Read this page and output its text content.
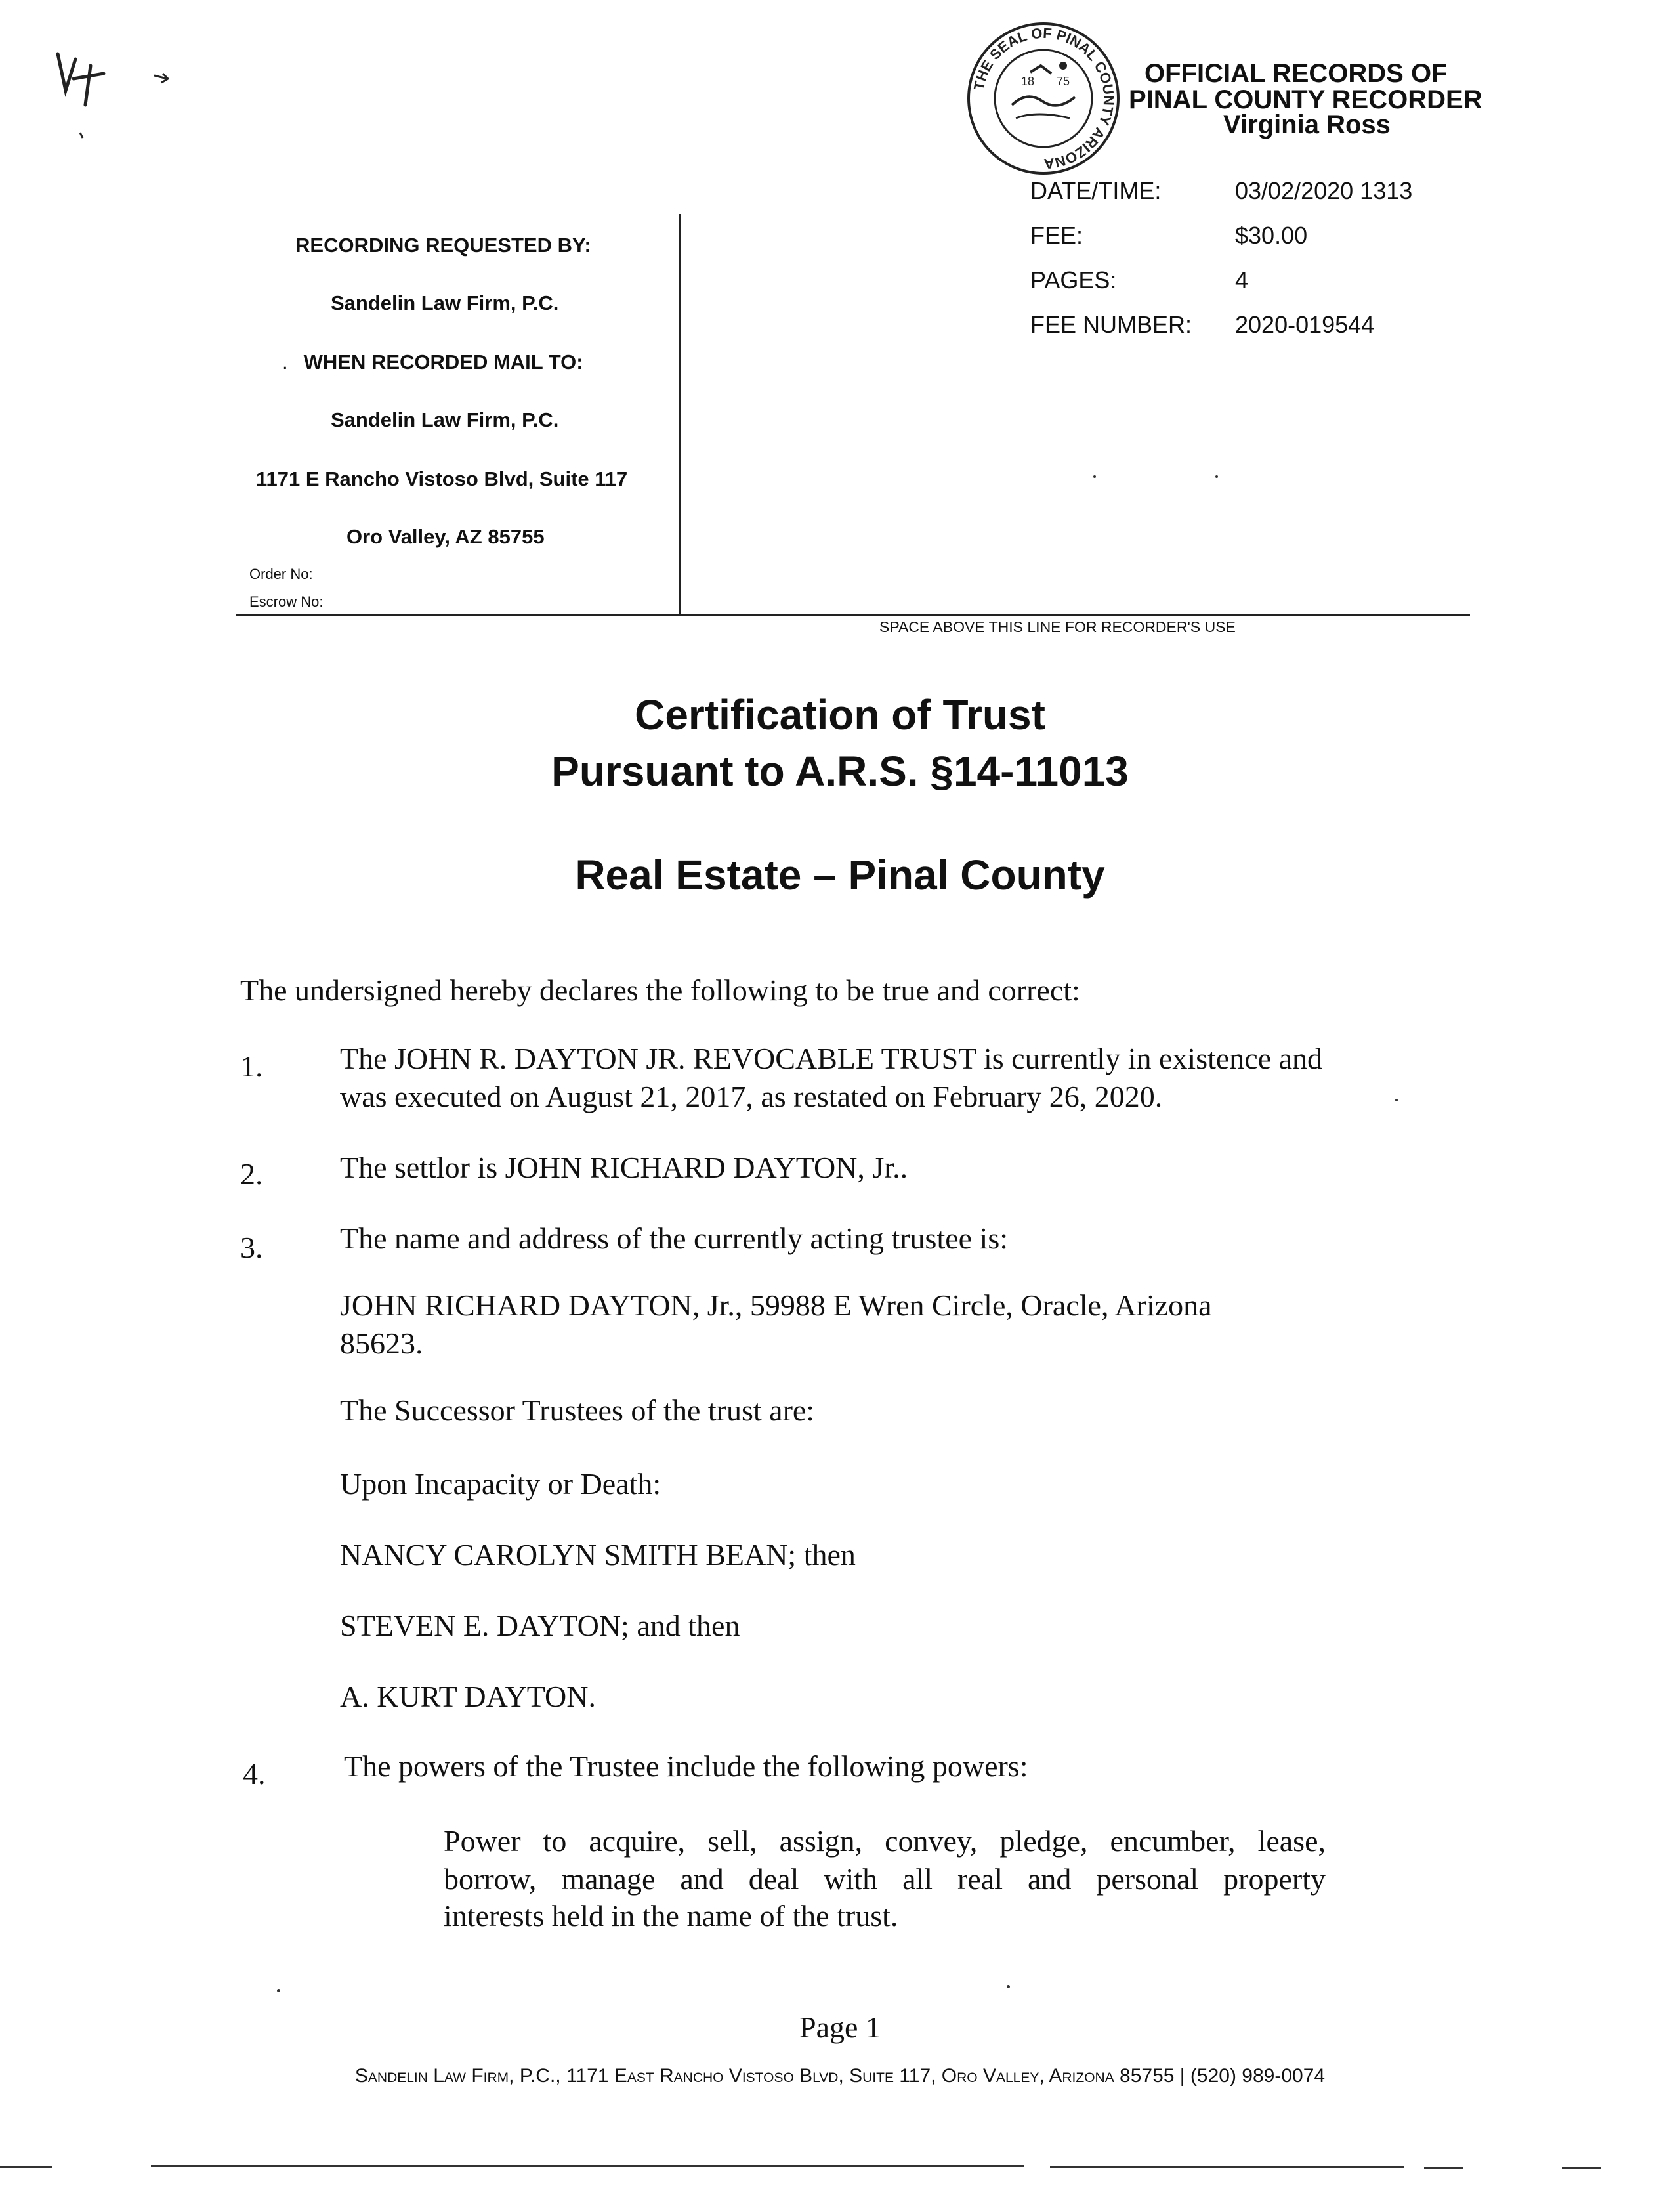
THE SEAL OF PINAL COUNTY ARIZONA
18 75	OFFICIAL RECORDS OF
PINAL COUNTY RECORDER
Virginia Ross
DATE/TIME:	03/02/2020 1313
FEE:	$30.00
PAGES:	4
FEE NUMBER: 2020-019544
RECORDING REQUESTED BY:
Sandelin Law Firm, P.C.
. WHEN RECORDED MAIL TO:
Sandelin Law Firm, P.C.
1171 E Rancho Vistoso Blvd, Suite 117
Oro Valley, AZ 85755
Order No:
Escrow No:
SPACE ABOVE THIS LINE FOR RECORDER'S USE
Certification of Trust
Pursuant to A.R.S. §14-11013
Real Estate – Pinal County
The undersigned hereby declares the following to be true and correct:
1.	The JOHN R. DAYTON JR. REVOCABLE TRUST is currently in existence and
was executed on August 21, 2017, as restated on February 26, 2020.
2.	The settlor is JOHN RICHARD DAYTON, Jr..
3.	The name and address of the currently acting trustee is:
JOHN RICHARD DAYTON, Jr., 59988 E Wren Circle, Oracle, Arizona
85623.
The Successor Trustees of the trust are:
Upon Incapacity or Death:
NANCY CAROLYN SMITH BEAN; then
STEVEN E. DAYTON; and then
A. KURT DAYTON.
4.	The powers of the Trustee include the following powers:
Power to acquire, sell, assign, convey, pledge, encumber, lease,
borrow, manage and deal with all real and personal property
interests held in the name of the trust.
Page 1
Sandelin Law Firm, P.C., 1171 East Rancho Vistoso Blvd, Suite 117, Oro Valley, Arizona 85755 | (520) 989-0074
